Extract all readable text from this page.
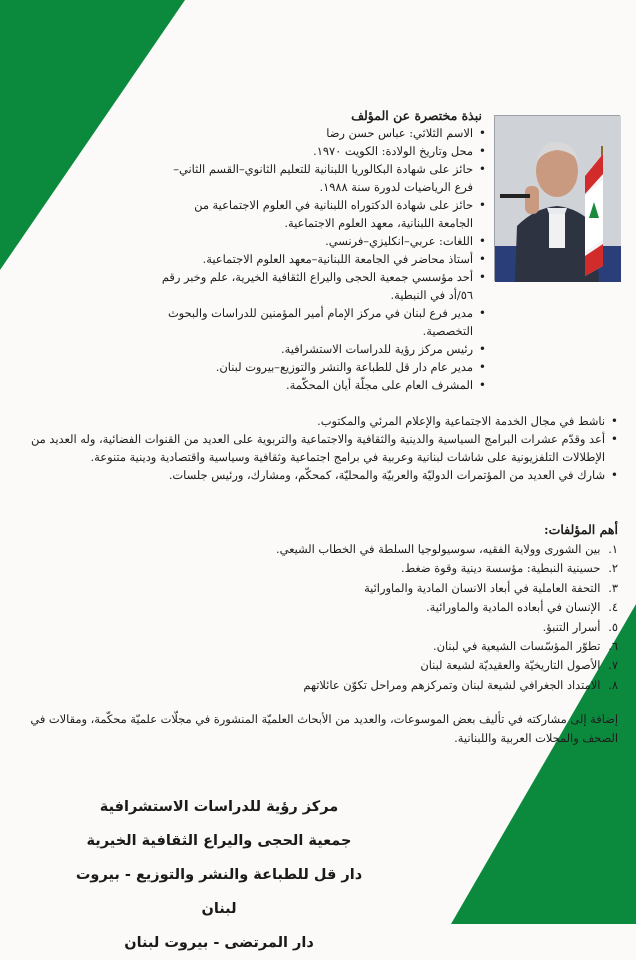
نبذة مختصرة عن المؤلف
• الاسم الثلاثي: عباس حسن رضا
• محل وتاريخ الولادة: الكويت ١٩٧٠.
• حائز على شهادة البكالوريا اللبنانية للتعليم الثانوي–القسم الثاني– فرع الرياضيات لدورة سنة ١٩٨٨.
• حائز على شهادة الدكتوراه اللبنانية في العلوم الاجتماعية من الجامعة اللبنانية، معهد العلوم الاجتماعية.
• اللغات: عربي–انكليزي–فرنسي.
• أستاذ محاضر في الجامعة اللبنانية–معهد العلوم الاجتماعية.
• أحد مؤسسي جمعية الحجى واليراع الثقافية الخيرية، علم وخبر رقم ٥٦/أد في النبطية.
• مدير فرع لبنان في مركز الإمام أمير المؤمنين للدراسات والبحوث التخصصية.
• رئيس مركز رؤية للدراسات الاستشرافية.
• مدير عام دار قل للطباعة والنشر والتوزيع–بيروت لبنان.
• المشرف العام على مجلّة أيان المحكّمة.
• ناشط في مجال الخدمة الاجتماعية والإعلام المرئي والمكتوب.
• أعد وقدّم عشرات البرامج السياسية والدينية والثقافية والاجتماعية والتربوية على العديد من القنوات الفضائية، وله العديد من الإطلالات التلفزيونية على شاشات لبنانية وعربية في برامج اجتماعية وثقافية وسياسية واقتصادية ودينية متنوعة.
• شارك في العديد من المؤتمرات الدوليّة والعربيّة والمحليّة، كمحكّم، ومشارك، ورئيس جلسات.
أهم المؤلفات:
١. بين الشورى وولاية الفقيه، سوسيولوجيا السلطة في الخطاب الشيعي.
٢. حسينية النبطية: مؤسسة دينية وقوة ضغط.
٣. التحفة العاملية في أبعاد الانسان المادية والماورائية
٤. الإنسان في أبعاده المادية والماورائية.
٥. أسرار التنبؤ.
٦. تطوّر المؤسّسات الشيعية في لبنان.
٧. الأصول التاريخيّة والعقيديّة لشيعة لبنان
٨. الامتداد الجغرافي لشيعة لبنان وتمركزهم ومراحل تكوّن عائلاتهم

إضافة إلى مشاركته في تأليف بعض الموسوعات، والعديد من الأبحاث العلميّة المنشورة في مجلّات علميّة محكّمة، ومقالات في الصحف والمجلات العربية واللبنانية.

مركز رؤية للدراسات الاستشرافية
جمعية الحجى واليراع الثقافية الخيرية
دار قل للطباعة والنشر والتوزيع - بيروت لبنان
دار المرتضى - بيروت لبنان
